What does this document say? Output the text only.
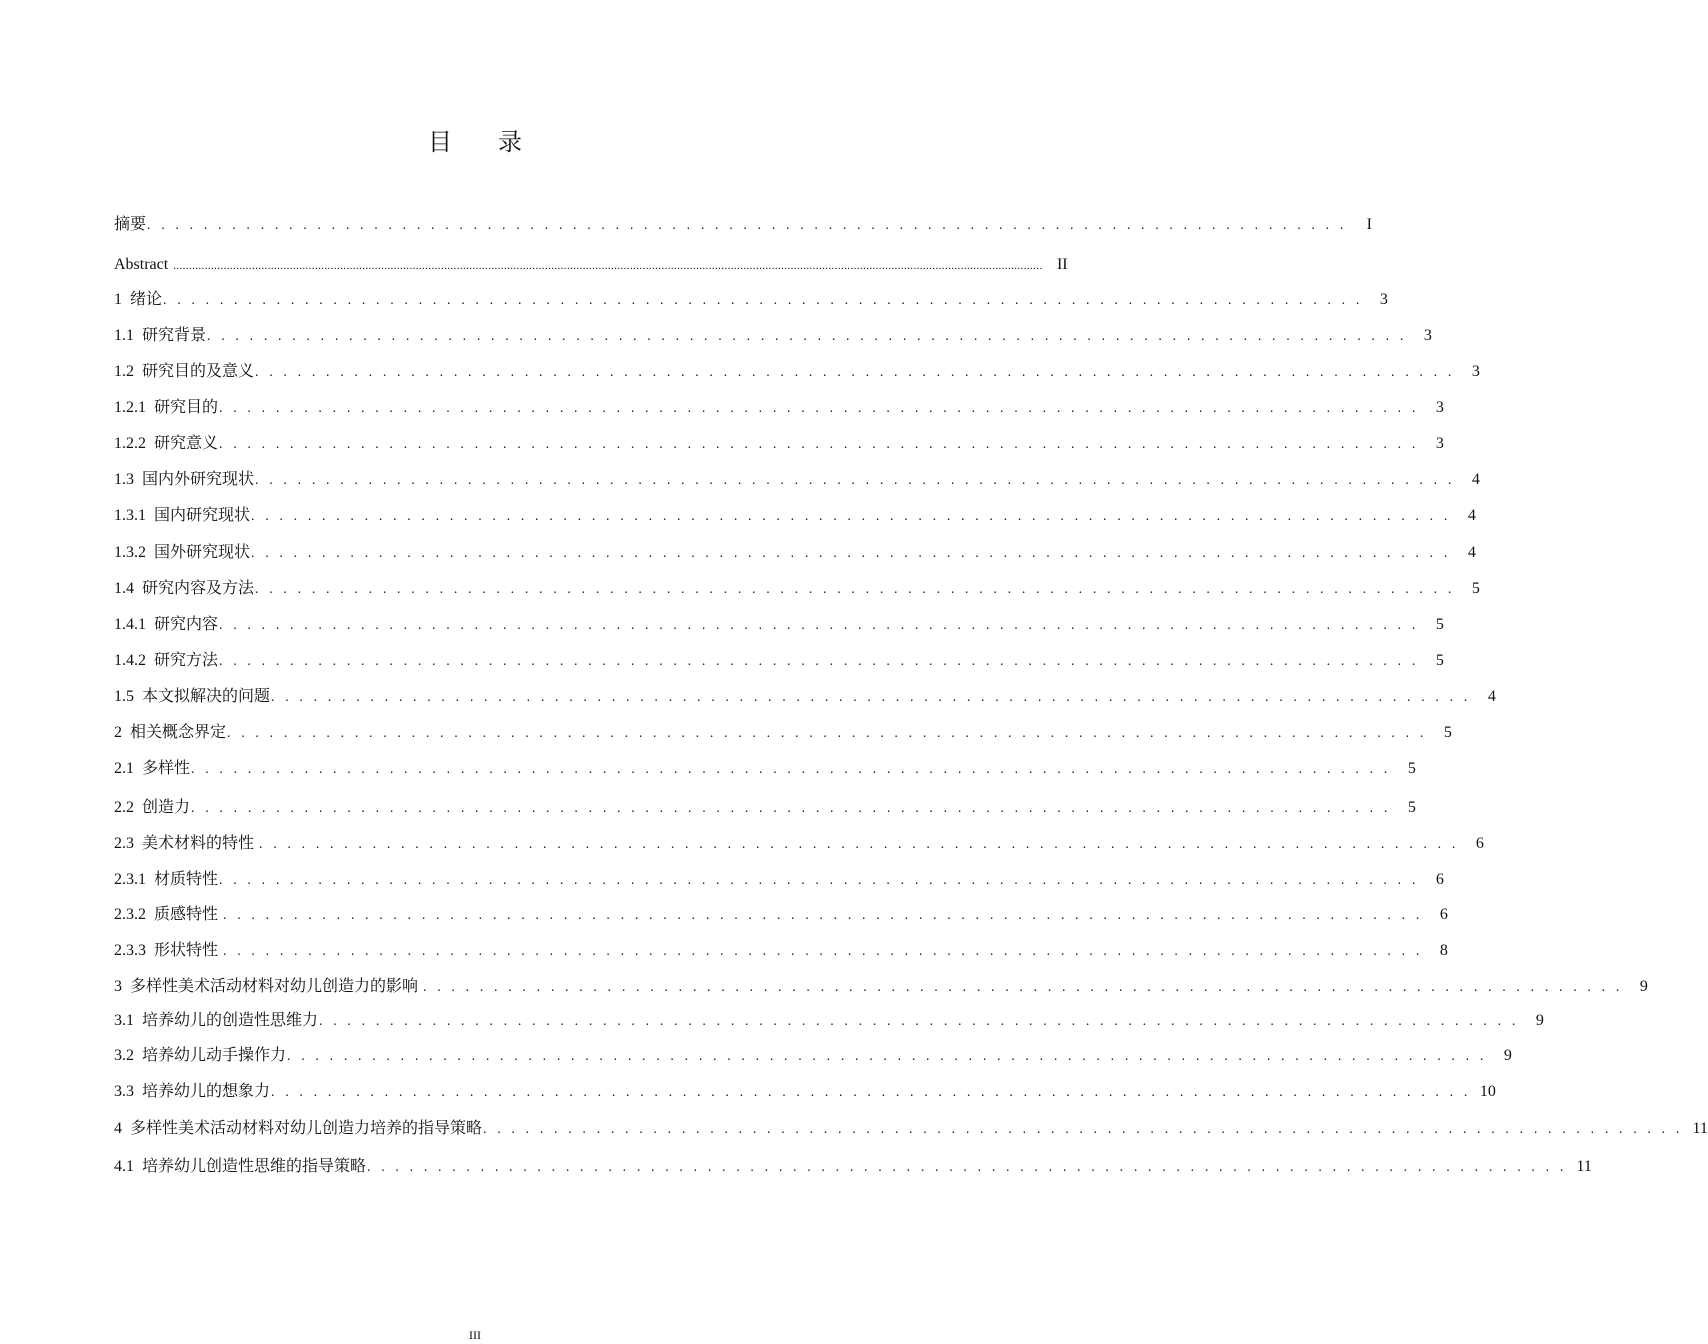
目 录
摘要 . . . . . . . . . . . . . . . . . . . . . . . . . . . . . . . . . . . . . . . . . . . . . . . . . . . . . . . . . . . . . . . . . . . . . . . . . . . . . . . . . . . . .	I
Abstract .................................................................................................................................................................................................................................................................................... II
1  绪论 . . . . . . . . . . . . . . . . . . . . . . . . . . . . . . . . . . . . . . . . . . . . . . . . . . . . . . . . . . . . . . . . . . . . . . . . . . . . . . . . . . . . .	3
1.1  研究背景 . . . . . . . . . . . . . . . . . . . . . . . . . . . . . . . . . . . . . . . . . . . . . . . . . . . . . . . . . . . . . . . . . . . . . . . . . . . . . . . . . . . . .	3
1.2  研究目的及意义 . . . . . . . . . . . . . . . . . . . . . . . . . . . . . . . . . . . . . . . . . . . . . . . . . . . . . . . . . . . . . . . . . . . . . . . . . . . . . . . . . . . . .	3
1.2.1  研究目的 . . . . . . . . . . . . . . . . . . . . . . . . . . . . . . . . . . . . . . . . . . . . . . . . . . . . . . . . . . . . . . . . . . . . . . . . . . . . . . . . . . . . .	3
1.2.2  研究意义 . . . . . . . . . . . . . . . . . . . . . . . . . . . . . . . . . . . . . . . . . . . . . . . . . . . . . . . . . . . . . . . . . . . . . . . . . . . . . . . . . . . . .	3
1.3  国内外研究现状 . . . . . . . . . . . . . . . . . . . . . . . . . . . . . . . . . . . . . . . . . . . . . . . . . . . . . . . . . . . . . . . . . . . . . . . . . . . . . . . . . . . . .	4
1.3.1  国内研究现状 . . . . . . . . . . . . . . . . . . . . . . . . . . . . . . . . . . . . . . . . . . . . . . . . . . . . . . . . . . . . . . . . . . . . . . . . . . . . . . . . . . . . .	4
1.3.2  国外研究现状 . . . . . . . . . . . . . . . . . . . . . . . . . . . . . . . . . . . . . . . . . . . . . . . . . . . . . . . . . . . . . . . . . . . . . . . . . . . . . . . . . . . . .	4
1.4  研究内容及方法 . . . . . . . . . . . . . . . . . . . . . . . . . . . . . . . . . . . . . . . . . . . . . . . . . . . . . . . . . . . . . . . . . . . . . . . . . . . . . . . . . . . . .	5
1.4.1  研究内容 . . . . . . . . . . . . . . . . . . . . . . . . . . . . . . . . . . . . . . . . . . . . . . . . . . . . . . . . . . . . . . . . . . . . . . . . . . . . . . . . . . . . .	5
1.4.2  研究方法 . . . . . . . . . . . . . . . . . . . . . . . . . . . . . . . . . . . . . . . . . . . . . . . . . . . . . . . . . . . . . . . . . . . . . . . . . . . . . . . . . . . . .	5
1.5  本文拟解决的问题 . . . . . . . . . . . . . . . . . . . . . . . . . . . . . . . . . . . . . . . . . . . . . . . . . . . . . . . . . . . . . . . . . . . . . . . . . . . . . . . . . . . . .	4
2  相关概念界定 . . . . . . . . . . . . . . . . . . . . . . . . . . . . . . . . . . . . . . . . . . . . . . . . . . . . . . . . . . . . . . . . . . . . . . . . . . . . . . . . . . . . .	5
2.1  多样性 . . . . . . . . . . . . . . . . . . . . . . . . . . . . . . . . . . . . . . . . . . . . . . . . . . . . . . . . . . . . . . . . . . . . . . . . . . . . . . . . . . . . .	5
2.2  创造力 . . . . . . . . . . . . . . . . . . . . . . . . . . . . . . . . . . . . . . . . . . . . . . . . . . . . . . . . . . . . . . . . . . . . . . . . . . . . . . . . . . . . .	5
2.3  美术材料的特性 . . . . . . . . . . . . . . . . . . . . . . . . . . . . . . . . . . . . . . . . . . . . . . . . . . . . . . . . . . . . . . . . . . . . . . . . . . . . . . . . . . . . .	6
2.3.1  材质特性 . . . . . . . . . . . . . . . . . . . . . . . . . . . . . . . . . . . . . . . . . . . . . . . . . . . . . . . . . . . . . . . . . . . . . . . . . . . . . . . . . . . . .	6
2.3.2  质感特性 . . . . . . . . . . . . . . . . . . . . . . . . . . . . . . . . . . . . . . . . . . . . . . . . . . . . . . . . . . . . . . . . . . . . . . . . . . . . . . . . . . . . .	6
2.3.3  形状特性 . . . . . . . . . . . . . . . . . . . . . . . . . . . . . . . . . . . . . . . . . . . . . . . . . . . . . . . . . . . . . . . . . . . . . . . . . . . . . . . . . . . . .	8
3  多样性美术活动材料对幼儿创造力的影响 . . . . . . . . . . . . . . . . . . . . . . . . . . . . . . . . . . . . . . . . . . . . . . . . . . . . . . . . . . . . . . . . . . . . . . . . . . . . . . . . . . . . .	9
3.1  培养幼儿的创造性思维力 . . . . . . . . . . . . . . . . . . . . . . . . . . . . . . . . . . . . . . . . . . . . . . . . . . . . . . . . . . . . . . . . . . . . . . . . . . . . . . . . . . . . .	9
3.2  培养幼儿动手操作力 . . . . . . . . . . . . . . . . . . . . . . . . . . . . . . . . . . . . . . . . . . . . . . . . . . . . . . . . . . . . . . . . . . . . . . . . . . . . . . . . . . . . .	9
3.3  培养幼儿的想象力 . . . . . . . . . . . . . . . . . . . . . . . . . . . . . . . . . . . . . . . . . . . . . . . . . . . . . . . . . . . . . . . . . . . . . . . . . . . . . . . . . . . . . 10
4  多样性美术活动材料对幼儿创造力培养的指导策略 . . . . . . . . . . . . . . . . . . . . . . . . . . . . . . . . . . . . . . . . . . . . . . . . . . . . . . . . . . . . . . . . . . . . . . . . . . . . . . . . . . . . . 11
4.1  培养幼儿创造性思维的指导策略 . . . . . . . . . . . . . . . . . . . . . . . . . . . . . . . . . . . . . . . . . . . . . . . . . . . . . . . . . . . . . . . . . . . . . . . . . . . . . . . . . . . . . 11
III
